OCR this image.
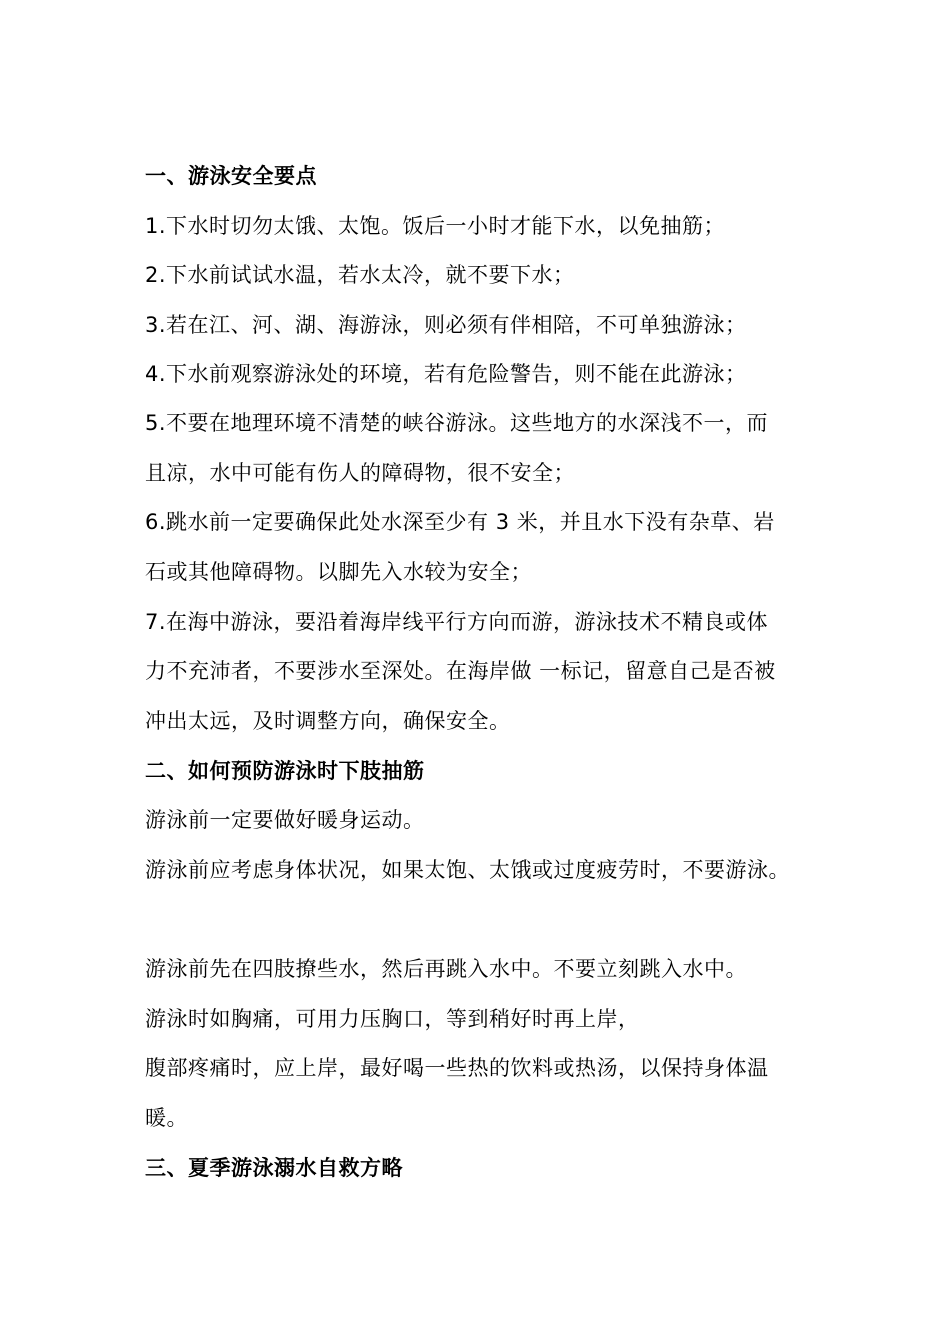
一、游泳安全要点
1.下水时切勿太饿、太饱。饭后一小时才能下水，以免抽筋；
2.下水前试试水温，若水太冷，就不要下水；
3.若在江、河、湖、海游泳，则必须有伴相陪，不可单独游泳；
4.下水前观察游泳处的环境，若有危险警告，则不能在此游泳；
5.不要在地理环境不清楚的峡谷游泳。这些地方的水深浅不一，而
且凉，水中可能有伤人的障碍物，很不安全；
6.跳水前一定要确保此处水深至少有 3 米，并且水下没有杂草、岩
石或其他障碍物。以脚先入水较为安全；
7.在海中游泳，要沿着海岸线平行方向而游，游泳技术不精良或体
力不充沛者，不要涉水至深处。在海岸做 一标记，留意自己是否被
冲出太远，及时调整方向，确保安全。
二、如何预防游泳时下肢抽筋
游泳前一定要做好暖身运动。
游泳前应考虑身体状况，如果太饱、太饿或过度疲劳时，不要游泳。
游泳前先在四肢撩些水，然后再跳入水中。不要立刻跳入水中。
游泳时如胸痛，可用力压胸口，等到稍好时再上岸，
腹部疼痛时，应上岸，最好喝一些热的饮料或热汤，以保持身体温
暖。
三、夏季游泳溺水自救方略
